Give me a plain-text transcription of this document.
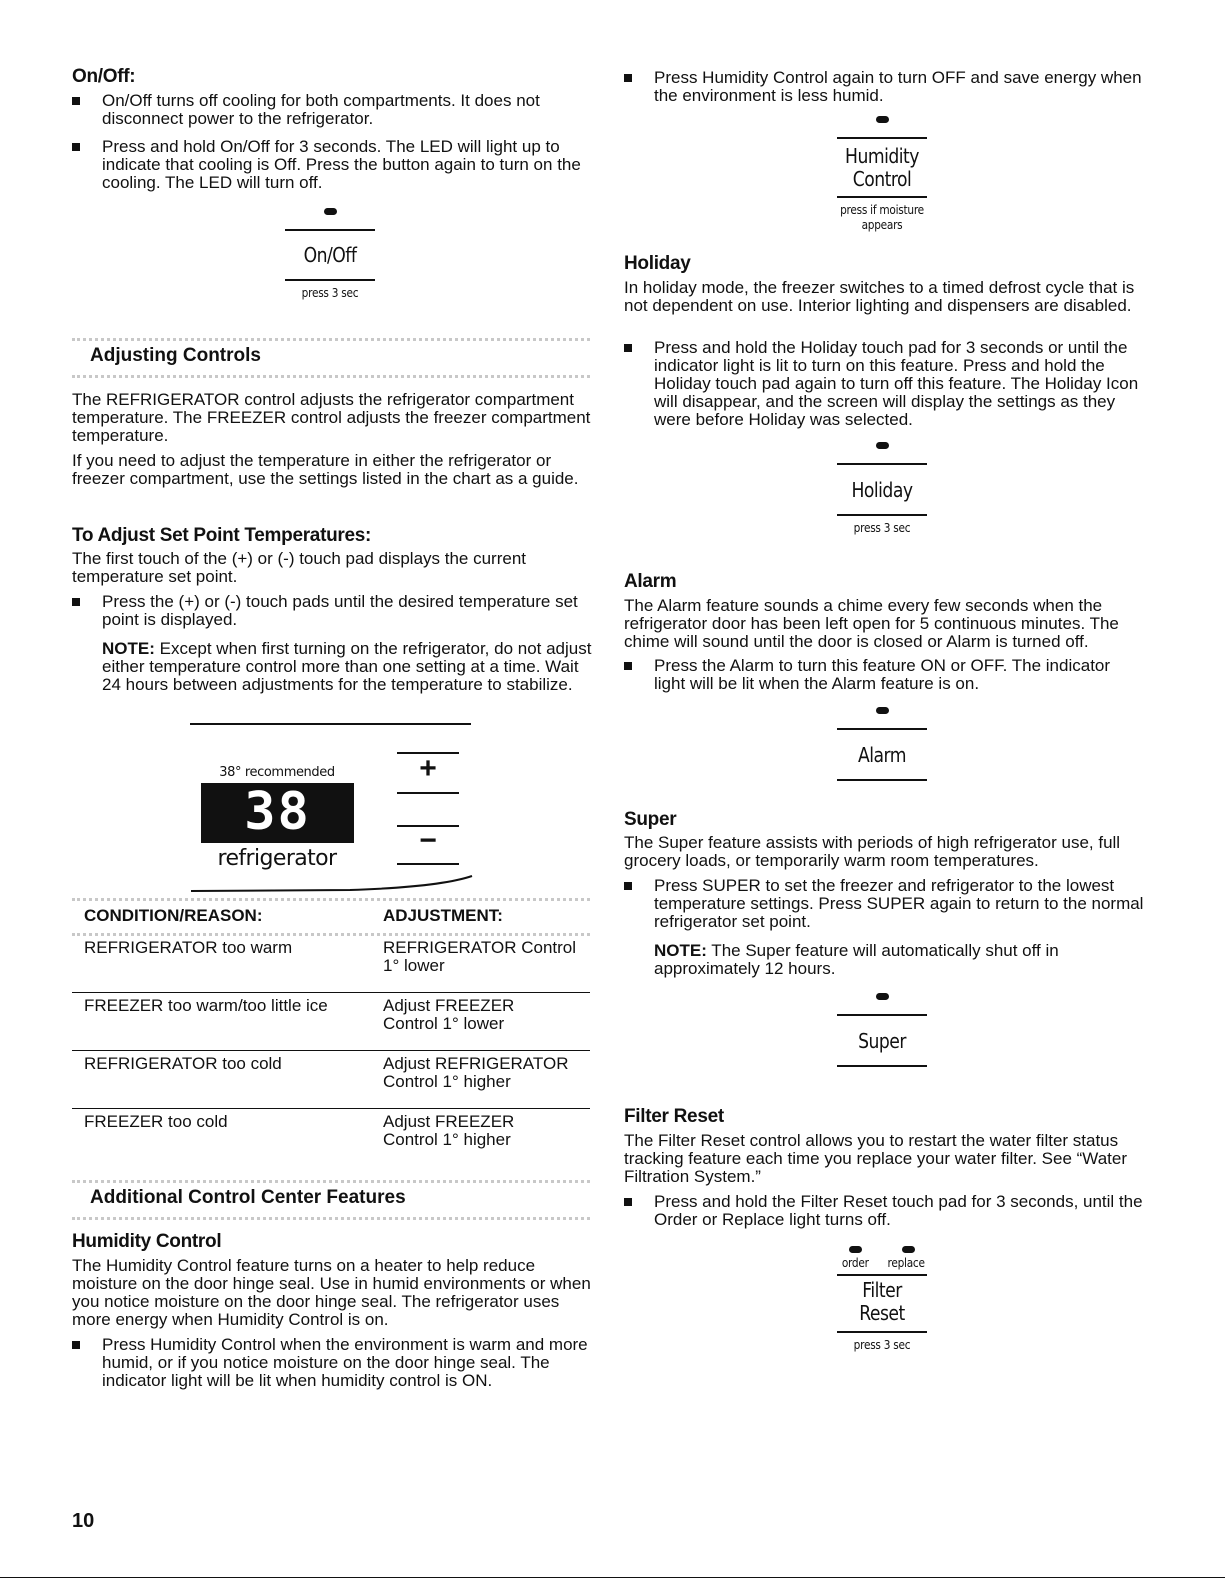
On/Off:
On/Off turns off cooling for both compartments. It does not disconnect power to the refrigerator.
Press and hold On/Off for 3 seconds. The LED will light up to indicate that cooling is Off. Press the button again to turn on the cooling. The LED will turn off.
On/Off
press 3 sec
Adjusting Controls

The REFRIGERATOR control adjusts the refrigerator compartment temperature. The FREEZER control adjusts the freezer compartment temperature.

If you need to adjust the temperature in either the refrigerator or freezer compartment, use the settings listed in the chart as a guide.

To Adjust Set Point Temperatures:

The first touch of the (+) or (-) touch pad displays the current temperature set point.

Press the (+) or (-) touch pads until the desired temperature set point is displayed.

NOTE: Except when first turning on the refrigerator, do not adjust either temperature control more than one setting at a time. Wait 24 hours between adjustments for the temperature to stabilize.

38° recommended
38
refrigerator
+
−
CONDITION/REASON:	ADJUSTMENT:
REFRIGERATOR too warm	REFRIGERATOR Control 1° lower
FREEZER too warm/too little ice	Adjust FREEZER Control 1° lower
REFRIGERATOR too cold	Adjust REFRIGERATOR Control 1° higher
FREEZER too cold	Adjust FREEZER Control 1° higher
Additional Control Center Features
Humidity Control

The Humidity Control feature turns on a heater to help reduce moisture on the door hinge seal. Use in humid environments or when you notice moisture on the door hinge seal. The refrigerator uses more energy when Humidity Control is on.

Press Humidity Control when the environment is warm and more humid, or if you notice moisture on the door hinge seal. The indicator light will be lit when humidity control is ON.
10
Press Humidity Control again to turn OFF and save energy when the environment is less humid.
Humidity
Control
press if moisture
appears
Holiday

In holiday mode, the freezer switches to a timed defrost cycle that is not dependent on use. Interior lighting and dispensers are disabled.

Press and hold the Holiday touch pad for 3 seconds or until the indicator light is lit to turn on this feature. Press and hold the Holiday touch pad again to turn off this feature. The Holiday Icon will disappear, and the screen will display the settings as they were before Holiday was selected.
Holiday
press 3 sec
Alarm

The Alarm feature sounds a chime every few seconds when the refrigerator door has been left open for 5 continuous minutes. The chime will sound until the door is closed or Alarm is turned off.

Press the Alarm to turn this feature ON or OFF. The indicator light will be lit when the Alarm feature is on.
Alarm
Super

The Super feature assists with periods of high refrigerator use, full grocery loads, or temporarily warm room temperatures.

Press SUPER to set the freezer and refrigerator to the lowest temperature settings. Press SUPER again to return to the normal refrigerator set point.

NOTE: The Super feature will automatically shut off in approximately 12 hours.

Super
Filter Reset

The Filter Reset control allows you to restart the water filter status tracking feature each time you replace your water filter. See “Water Filtration System.”

Press and hold the Filter Reset touch pad for 3 seconds, until the Order or Replace light turns off.
order replace
Filter
Reset
press 3 sec
